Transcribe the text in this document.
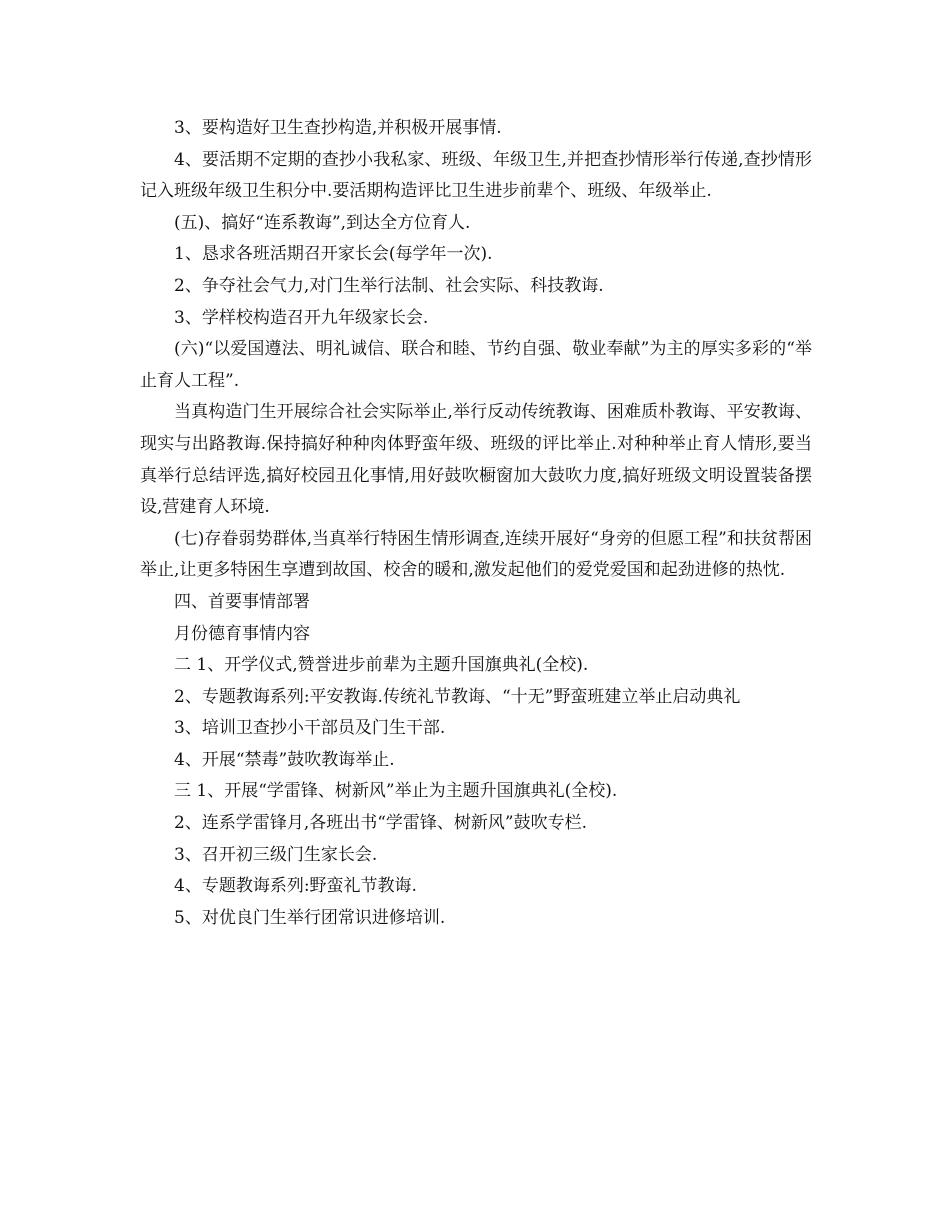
3、要构造好卫生查抄构造,并积极开展事情.

4、要活期不定期的查抄小我私家、班级、年级卫生,并把查抄情形举行传递,查抄情形记入班级年级卫生积分中.要活期构造评比卫生进步前辈个、班级、年级举止.

(五)、搞好“连系教诲”,到达全方位育人.

1、恳求各班活期召开家长会(每学年一次).

2、争夺社会气力,对门生举行法制、社会实际、科技教诲.

3、学样校构造召开九年级家长会.

(六)“以爱国遵法、明礼诚信、联合和睦、节约自强、敬业奉献”为主的厚实多彩的“举止育人工程”.

当真构造门生开展综合社会实际举止,举行反动传统教诲、困难质朴教诲、平安教诲、现实与出路教诲.保持搞好种种肉体野蛮年级、班级的评比举止.对种种举止育人情形,要当真举行总结评选,搞好校园丑化事情,用好鼓吹橱窗加大鼓吹力度,搞好班级文明设置装备摆设,营建育人环境.

(七)存眷弱势群体,当真举行特困生情形调查,连续开展好“身旁的但愿工程”和扶贫帮困举止,让更多特困生享遭到故国、校舍的暖和,激发起他们的爱党爱国和起劲进修的热忱.

四、首要事情部署

月份德育事情内容

二 1、开学仪式,赞誉进步前辈为主题升国旗典礼(全校).

2、专题教诲系列:平安教诲.传统礼节教诲、“十无”野蛮班建立举止启动典礼

3、培训卫查抄小干部员及门生干部.

4、开展“禁毒”鼓吹教诲举止.

三 1、开展“学雷锋、树新风”举止为主题升国旗典礼(全校).

2、连系学雷锋月,各班出书“学雷锋、树新风”鼓吹专栏.

3、召开初三级门生家长会.

4、专题教诲系列:野蛮礼节教诲.

5、对优良门生举行团常识进修培训.
